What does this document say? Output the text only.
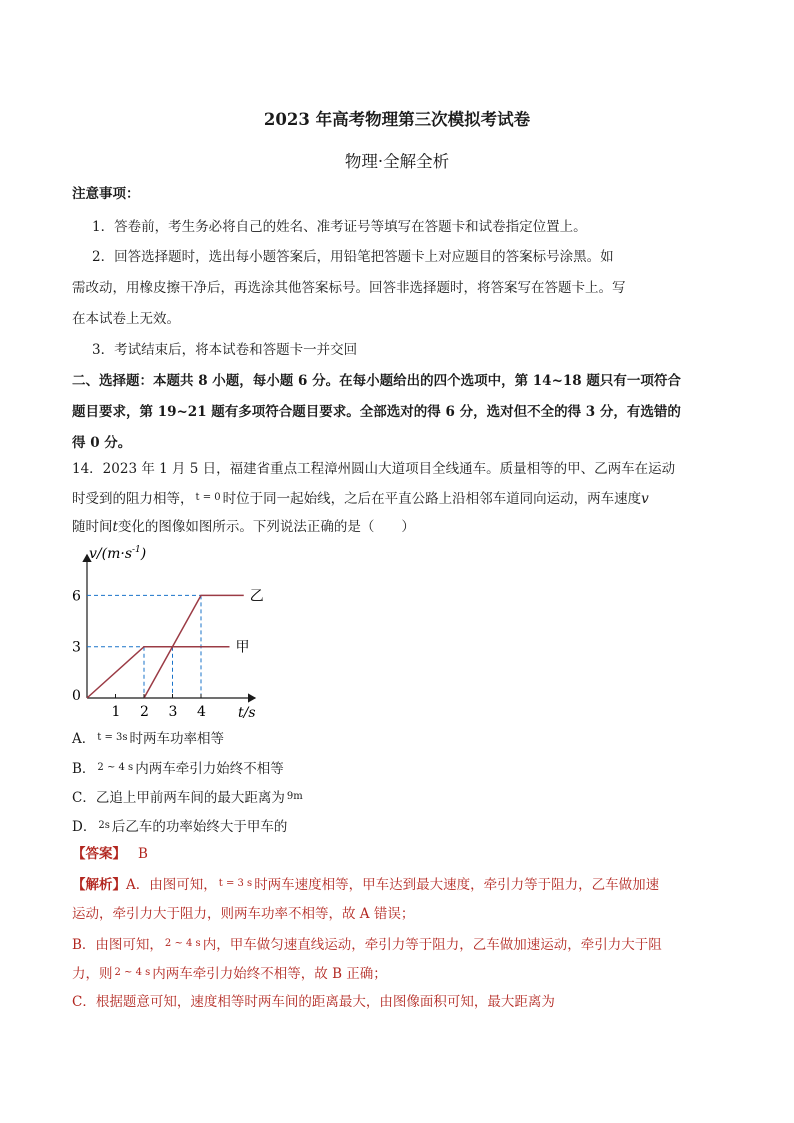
2023 年高考物理第三次模拟考试卷
物理·全解全析
注意事项：
1．答卷前，考生务必将自己的姓名、准考证号等填写在答题卡和试卷指定位置上。
2．回答选择题时，选出每小题答案后，用铅笔把答题卡上对应题目的答案标号涂黑。如
需改动，用橡皮擦干净后，再选涂其他答案标号。回答非选择题时，将答案写在答题卡上。写
在本试卷上无效。
3．考试结束后，将本试卷和答题卡一并交回
二、选择题：本题共 8 小题，每小题 6 分。在每小题给出的四个选项中，第 14~18 题只有一项符合
题目要求，第 19~21 题有多项符合题目要求。全部选对的得 6 分，选对但不全的得 3 分，有选错的
得 0 分。
14．2023 年 1 月 5 日，福建省重点工程漳州圆山大道项目全线通车。质量相等的甲、乙两车在运动
时受到的阻力相等， $^{t = 0}$ 时位于同一起始线，之后在平直公路上沿相邻车道同向运动，两车速度v
随时间t变化的图像如图所示。下列说法正确的是（　　）
$v/(m\cdot s^{-1})$
t/s
0
甲
乙
1 2 3 4
3
6
A． $^{t = 3s}$ 时两车功率相等
B． $^{2 \sim 4 s}$ 内两车牵引力始终不相等
C．乙追上甲前两车间的最大距离为 $^{9m}$
D． $^{2s}$ 后乙车的功率始终大于甲车的
【答案】 B
【解析】A．由图可知， $^{t = 3 s}$ 时两车速度相等，甲车达到最大速度，牵引力等于阻力，乙车做加速
运动，牵引力大于阻力，则两车功率不相等，故 A 错误；
B．由图可知， $^{2 \sim 4 s}$ 内，甲车做匀速直线运动，牵引力等于阻力，乙车做加速运动，牵引力大于阻
力，则 $^{2 \sim 4 s}$ 内两车牵引力始终不相等，故 B 正确；
C．根据题意可知，速度相等时两车间的距离最大，由图像面积可知，最大距离为
